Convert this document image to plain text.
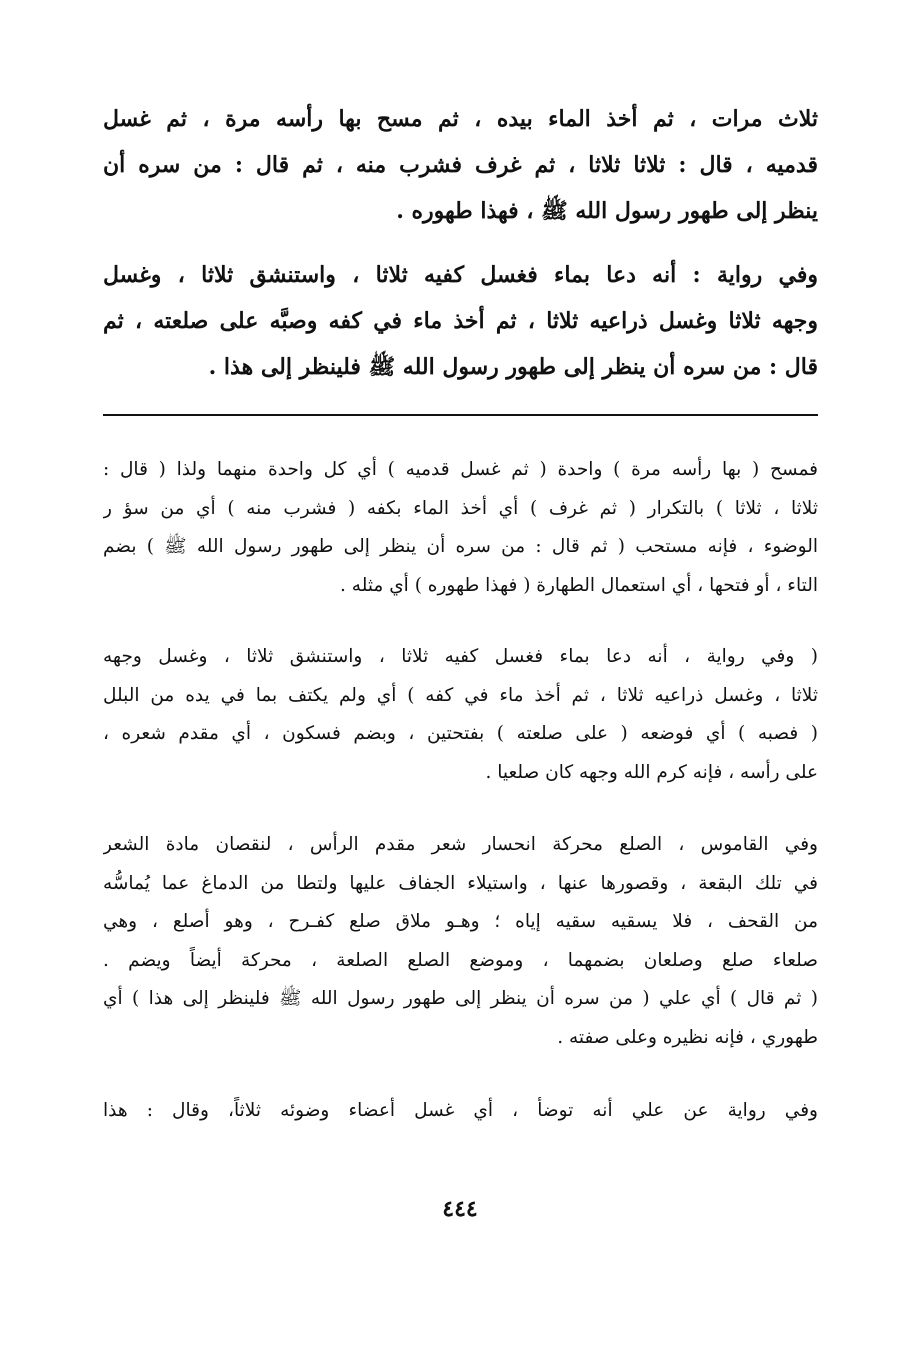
ثلاث مرات ، ثم أخذ الماء بيده ، ثم مسح بها رأسه مرة ، ثم غسل
قدميه ، قال : ثلاثا ثلاثا ، ثم غرف فشرب منه ، ثم قال : من سره أن
ينظر إلى طهور رسول الله ﷺ ، فهذا طهوره .
وفي رواية : أنه دعا بماء فغسل كفيه ثلاثا ، واستنشق ثلاثا ، وغسل
وجهه ثلاثا وغسل ذراعيه ثلاثا ، ثم أخذ ماء في كفه وصبَّه على صلعته ، ثم
قال : من سره أن ينظر إلى طهور رسول الله ﷺ فلينظر إلى هذا .
فمسح ( بها رأسه مرة ) واحدة ( ثم غسل قدميه ) أي كل واحدة منهما ولذا ( قال :
ثلاثا ، ثلاثا ) بالتكرار ( ثم غرف ) أي أخذ الماء بكفه ( فشرب منه ) أي من سؤ ر
الوضوء ، فإنه مستحب ( ثم قال : من سره أن ينظر إلى طهور رسول الله ﷺ ) بضم
التاء ، أو فتحها ، أي استعمال الطهارة ( فهذا طهوره ) أي مثله .
( وفي رواية ، أنه دعا بماء فغسل كفيه ثلاثا ، واستنشق ثلاثا ، وغسل وجهه
ثلاثا ، وغسل ذراعيه ثلاثا ، ثم أخذ ماء في كفه ) أي ولم يكتف بما في يده من البلل
( فصبه ) أي فوضعه ( على صلعته ) بفتحتين ، وبضم فسكون ، أي مقدم شعره ،
على رأسه ، فإنه كرم الله وجهه كان صلعيا .
وفي القاموس ، الصلع محركة انحسار شعر مقدم الرأس ، لنقصان مادة الشعر
في تلك البقعة ، وقصورها عنها ، واستيلاء الجفاف عليها ولتطا من الدماغ عما يُماسُّه
من القحف ، فلا يسقيه سقيه إياه ؛ وهـو ملاق صلع كفـرح ، وهو أصلع ، وهي
صلعاء صلع وصلعان بضمهما ، وموضع الصلع الصلعة ، محركة أيضاً ويضم .
( ثم قال ) أي علي ( من سره أن ينظر إلى طهور رسول الله ﷺ فلينظر إلى هذا ) أي
طهوري ، فإنه نظيره وعلى صفته .
وفي رواية عن علي أنه توضأ ، أي غسل أعضاء وضوئه ثلاثاً، وقال : هذا
٤٤٤
